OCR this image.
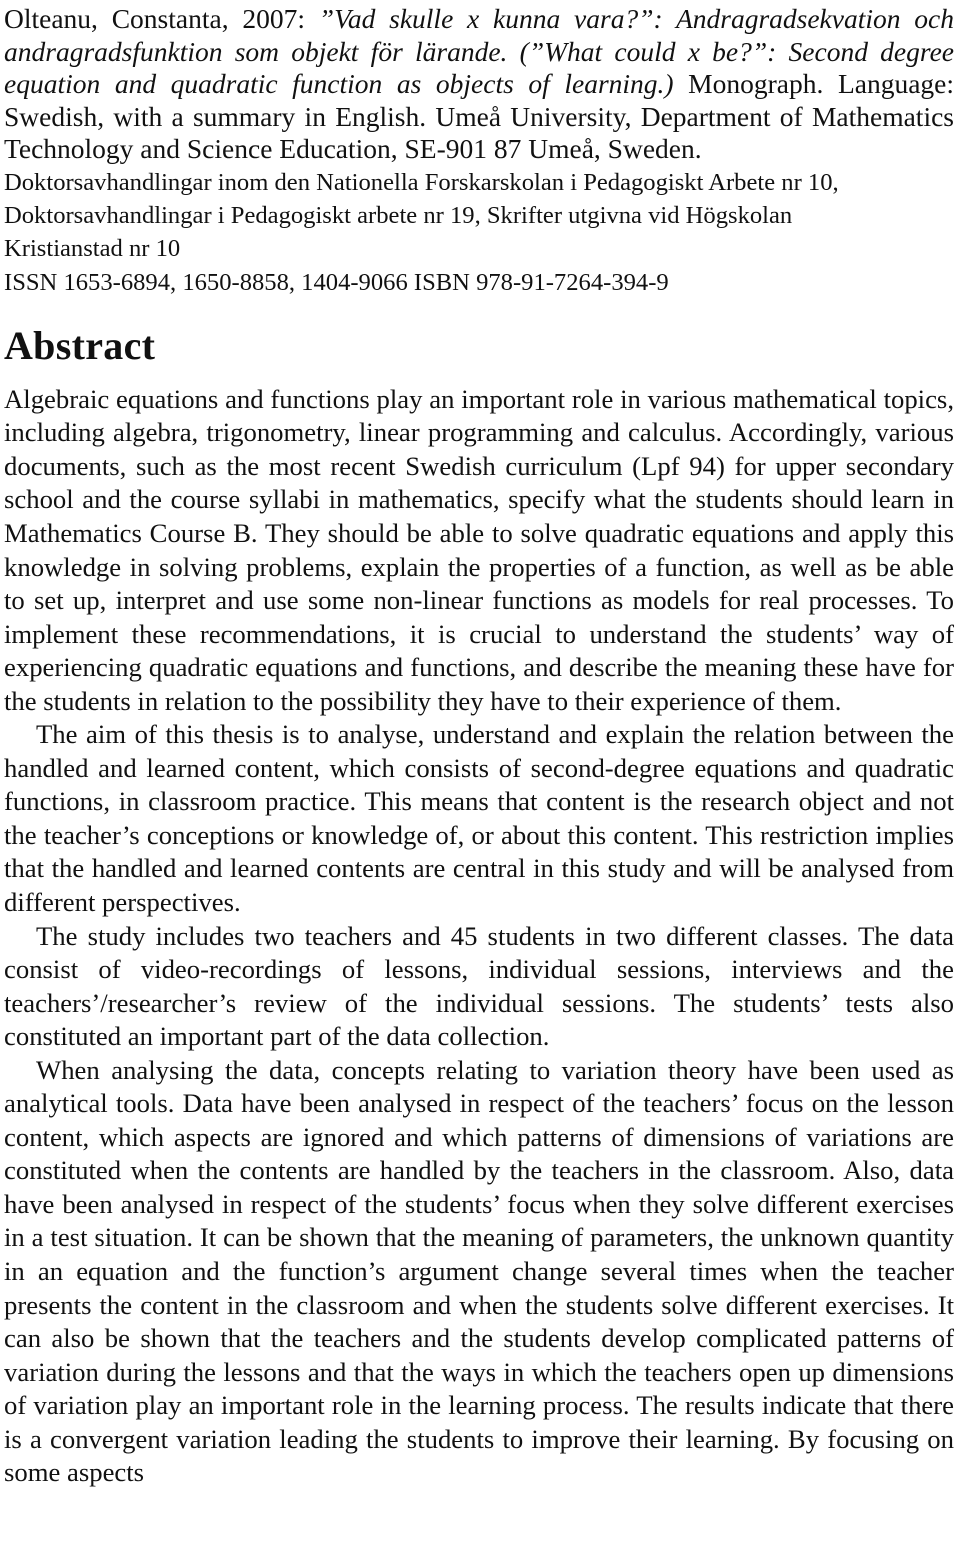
Olteanu, Constanta, 2007: ”Vad skulle x kunna vara?”: Andragradsekvation och andragradsfunktion som objekt för lärande. (”What could x be?”: Second degree equation and quadratic function as objects of learning.) Monograph. Language: Swedish, with a summary in English. Umeå University, Department of Mathematics Technology and Science Education, SE-901 87 Umeå, Sweden.

Doktorsavhandlingar inom den Nationella Forskarskolan i Pedagogiskt Arbete nr 10,
Doktorsavhandlingar i Pedagogiskt arbete nr 19, Skrifter utgivna vid Högskolan
Kristianstad nr 10
ISSN 1653-6894, 1650-8858, 1404-9066 ISBN 978-91-7264-394-9
Abstract

Algebraic equations and functions play an important role in various mathematical topics, including algebra, trigonometry, linear programming and calculus. Accordingly, various documents, such as the most recent Swedish curriculum (Lpf 94) for upper secondary school and the course syllabi in mathematics, specify what the students should learn in Mathematics Course B. They should be able to solve quadratic equations and apply this knowledge in solving problems, explain the properties of a function, as well as be able to set up, interpret and use some non-linear functions as models for real processes. To implement these recommendations, it is crucial to understand the students’ way of experiencing quadratic equations and functions, and describe the meaning these have for the students in relation to the possibility they have to their experience of them.

The aim of this thesis is to analyse, understand and explain the relation between the handled and learned content, which consists of second-degree equations and quadratic functions, in classroom practice. This means that content is the research object and not the teacher’s conceptions or knowledge of, or about this content. This restriction implies that the handled and learned contents are central in this study and will be analysed from different perspectives.

The study includes two teachers and 45 students in two different classes. The data consist of video-recordings of lessons, individual sessions, interviews and the teachers’/researcher’s review of the individual sessions. The students’ tests also constituted an important part of the data collection.

When analysing the data, concepts relating to variation theory have been used as analytical tools. Data have been analysed in respect of the teachers’ focus on the lesson content, which aspects are ignored and which patterns of dimensions of variations are constituted when the contents are handled by the teachers in the classroom. Also, data have been analysed in respect of the students’ focus when they solve different exercises in a test situation. It can be shown that the meaning of parameters, the unknown quantity in an equation and the function’s argument change several times when the teacher presents the content in the classroom and when the students solve different exercises. It can also be shown that the teachers and the students develop complicated patterns of variation during the lessons and that the ways in which the teachers open up dimensions of variation play an important role in the learning process. The results indicate that there is a convergent variation leading the students to improve their learning. By focusing on some aspects
